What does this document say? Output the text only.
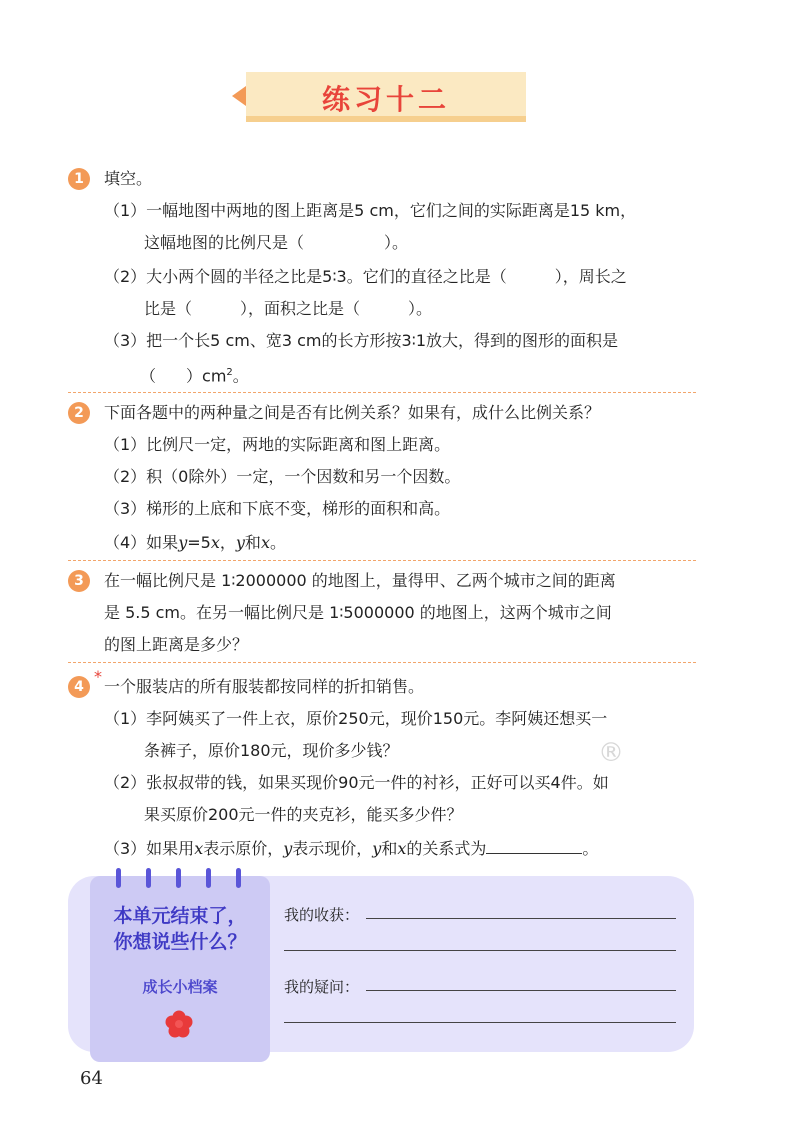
练习十二
1	填空。
（1）一幅地图中两地的图上距离是5 cm，它们之间的实际距离是15 km，
这幅地图的比例尺是（	）。
（2）大小两个圆的半径之比是5∶3。它们的直径之比是（	），周长之
比是（	），面积之比是（	）。
（3）把一个长5 cm、宽3 cm的长方形按3∶1放大，得到的图形的面积是
（ ）$cm^2$。
2	下面各题中的两种量之间是否有比例关系？如果有，成什么比例关系？
（1）比例尺一定，两地的实际距离和图上距离。
（2）积（0除外）一定，一个因数和另一个因数。
（3）梯形的上底和下底不变，梯形的面积和高。
（4）如果y=5x，y和x。
3	在一幅比例尺是 1∶2000000 的地图上，量得甲、乙两个城市之间的距离
是 5.5 cm。在另一幅比例尺是 1∶5000000 的地图上，这两个城市之间
的图上距离是多少？
4
*
一个服装店的所有服装都按同样的折扣销售。
（1）李阿姨买了一件上衣，原价250元，现价150元。李阿姨还想买一
条裤子，原价180元，现价多少钱？
（2）张叔叔带的钱，如果买现价90元一件的衬衫，正好可以买4件。如
果买原价200元一件的夹克衫，能买多少件？
（3）如果用x表示原价，y表示现价，y和x的关系式为	。
®
本单元结束了，
你想说些什么？
成长小档案
我的收获：
我的疑问：
64
